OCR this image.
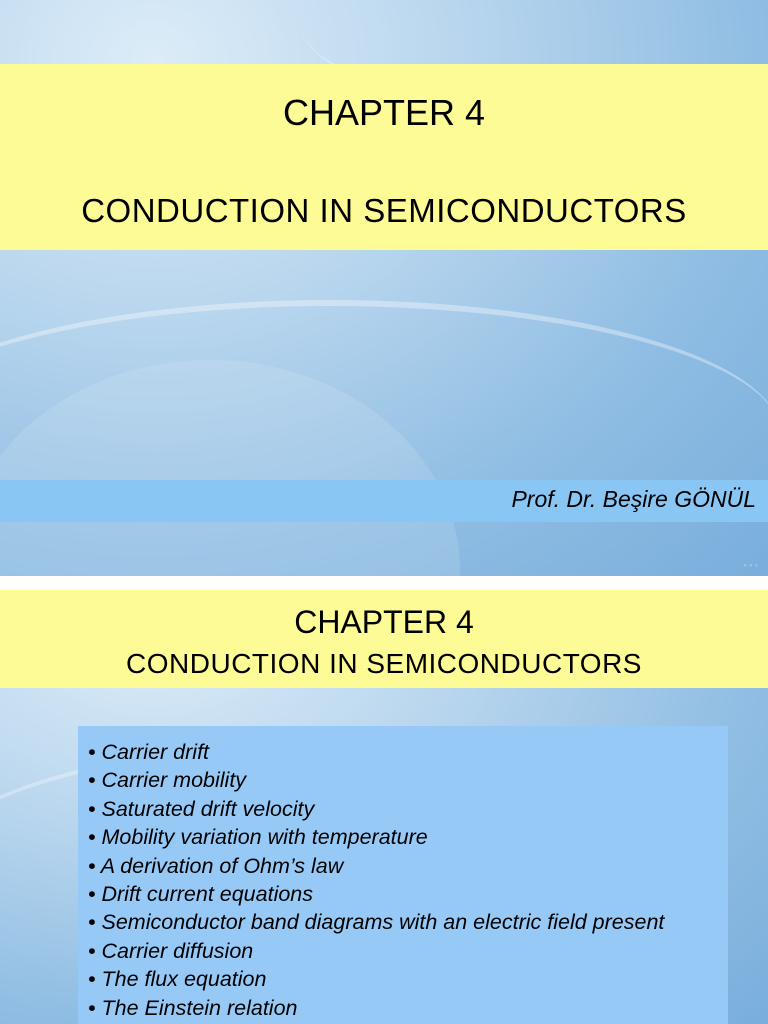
CHAPTER 4
CONDUCTION IN SEMICONDUCTORS
Prof. Dr. Beşire GÖNÜL
◦ ◦ ◦
CHAPTER 4
CONDUCTION IN SEMICONDUCTORS
• Carrier drift
• Carrier mobility
• Saturated drift velocity
• Mobility variation with temperature
• A derivation of Ohm’s law
• Drift current equations
• Semiconductor band diagrams with an electric field present
• Carrier diffusion
• The flux equation
• The Einstein relation
